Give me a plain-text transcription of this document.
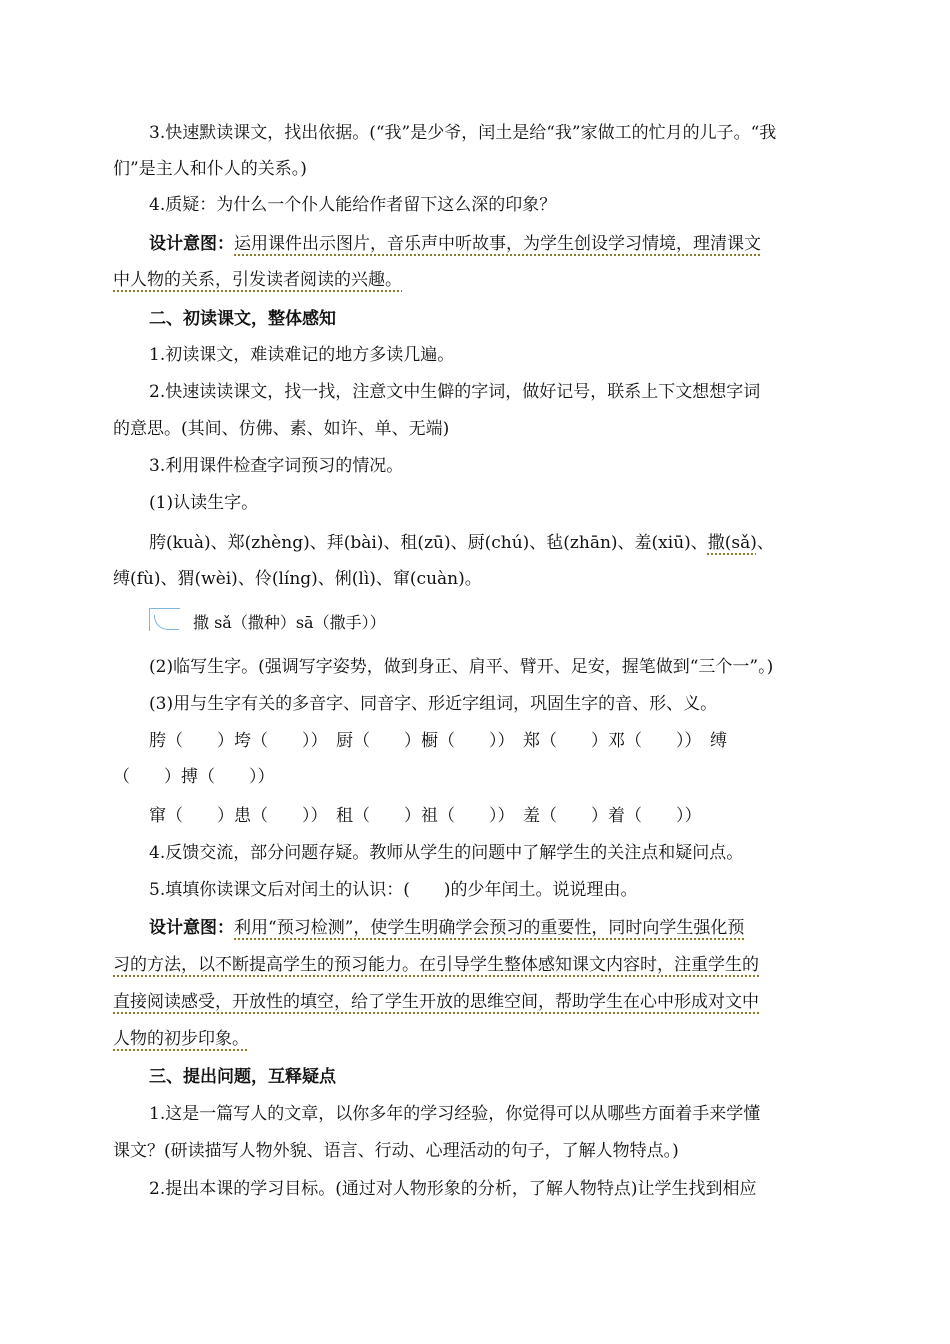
3.快速默读课文，找出依据。(“我”是少爷，闰土是给“我”家做工的忙月的儿子。“我
们”是主人和仆人的关系。)
4.质疑：为什么一个仆人能给作者留下这么深的印象？
设计意图：运用课件出示图片，音乐声中听故事，为学生创设学习情境，理清课文
中人物的关系，引发读者阅读的兴趣。
二、初读课文，整体感知
1.初读课文，难读难记的地方多读几遍。
2.快速读读课文，找一找，注意文中生僻的字词，做好记号，联系上下文想想字词
的意思。(其间、仿佛、素、如许、单、无端)
3.利用课件检查字词预习的情况。
(1)认读生字。
胯(kuà)、郑(zhèng)、拜(bài)、租(zū)、厨(chú)、毡(zhān)、羞(xiū)、撒(sǎ)、
缚(fù)、猬(wèi)、伶(líng)、俐(lì)、窜(cuàn)。
撒 sǎ（撒种）sā（撒手））
(2)临写生字。(强调写字姿势，做到身正、肩平、臂开、足安，握笔做到“三个一”。)
(3)用与生字有关的多音字、同音字、形近字组词，巩固生字的音、形、义。
胯（　　）垮（　　））　厨（　　）橱（　　））　郑（　　）邓（　　））　缚
（　　）搏（　　））
窜（　　）患（　　））　租（　　）祖（　　））　羞（　　）着（　　））
4.反馈交流，部分问题存疑。教师从学生的问题中了解学生的关注点和疑问点。
5.填填你读课文后对闰土的认识：(　　)的少年闰土。说说理由。
设计意图：利用“预习检测”，使学生明确学会预习的重要性，同时向学生强化预
习的方法，以不断提高学生的预习能力。在引导学生整体感知课文内容时，注重学生的
直接阅读感受，开放性的填空，给了学生开放的思维空间，帮助学生在心中形成对文中
人物的初步印象。
三、提出问题，互释疑点
1.这是一篇写人的文章，以你多年的学习经验，你觉得可以从哪些方面着手来学懂
课文？(研读描写人物外貌、语言、行动、心理活动的句子，了解人物特点。)
2.提出本课的学习目标。(通过对人物形象的分析，了解人物特点)让学生找到相应
